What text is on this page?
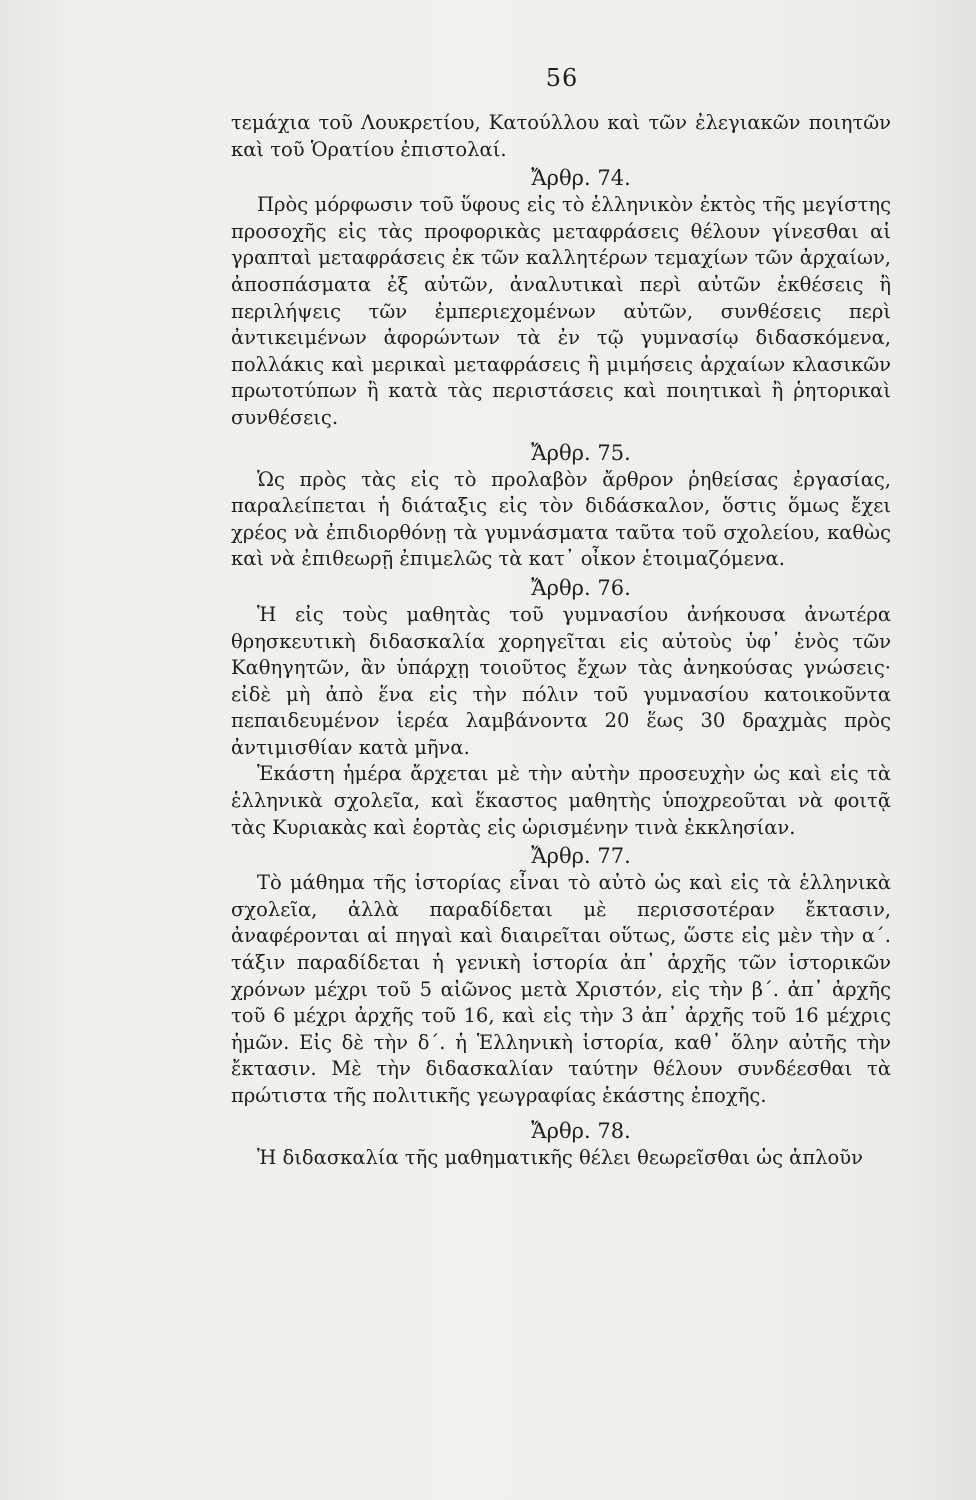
56

τεμάχια τοῦ Λουκρετίου, Κατούλλου καὶ τῶν ἐλεγιακῶν ποιητῶν καὶ τοῦ Ὁρατίου ἐπιστολαί.

Ἄρθρ. 74.

Πρὸς μόρφωσιν τοῦ ὕφους εἰς τὸ ἑλληνικὸν ἐκτὸς τῆς μεγίστης προσοχῆς εἰς τὰς προφορικὰς μεταφράσεις θέλουν γίνεσθαι αἱ γραπταὶ μεταφράσεις ἐκ τῶν καλλητέρων τεμαχίων τῶν ἀρχαίων, ἀποσπάσματα ἐξ αὐτῶν, ἀναλυτικαὶ περὶ αὐτῶν ἐκθέσεις ἢ περιλήψεις τῶν ἐμπεριεχομένων αὐτῶν, συνθέσεις περὶ ἀντικειμένων ἀφορώντων τὰ ἐν τῷ γυμνασίῳ διδασκόμενα, πολλάκις καὶ μερικαὶ μεταφράσεις ἢ μιμήσεις ἀρχαίων κλασικῶν πρωτοτύπων ἢ κατὰ τὰς περιστάσεις καὶ ποιητικαὶ ἢ ῥητορικαὶ συνθέσεις.

Ἄρθρ. 75.

Ὡς πρὸς τὰς εἰς τὸ προλαβὸν ἄρθρον ῥηθείσας ἐργασίας, παραλείπεται ἡ διάταξις εἰς τὸν διδάσκαλον, ὅστις ὅμως ἔχει χρέος νὰ ἐπιδιορθόνῃ τὰ γυμνάσματα ταῦτα τοῦ σχολείου, καθὼς καὶ νὰ ἐπιθεωρῇ ἐπιμελῶς τὰ κατ᾿ οἶκον ἑτοιμαζόμενα.

Ἄρθρ. 76.

Ἡ εἰς τοὺς μαθητὰς τοῦ γυμνασίου ἀνήκουσα ἀνωτέρα θρησκευτικὴ διδασκαλία χορηγεῖται εἰς αὐτοὺς ὑφ᾿ ἑνὸς τῶν Καθηγητῶν, ἂν ὑπάρχῃ τοιοῦτος ἔχων τὰς ἀνηκούσας γνώσεις· εἰδὲ μὴ ἀπὸ ἕνα εἰς τὴν πόλιν τοῦ γυμνασίου κατοικοῦντα πεπαιδευμένον ἱερέα λαμβάνοντα 20 ἕως 30 δραχμὰς πρὸς ἀντιμισθίαν κατὰ μῆνα.

Ἑκάστη ἡμέρα ἄρχεται μὲ τὴν αὐτὴν προσευχὴν ὡς καὶ εἰς τὰ ἑλληνικὰ σχολεῖα, καὶ ἕκαστος μαθητὴς ὑποχρεοῦται νὰ φοιτᾷ τὰς Κυριακὰς καὶ ἑορτὰς εἰς ὡρισμένην τινὰ ἐκκλησίαν.

Ἄρθρ. 77.

Τὸ μάθημα τῆς ἱστορίας εἶναι τὸ αὐτὸ ὡς καὶ εἰς τὰ ἑλληνικὰ σχολεῖα, ἀλλὰ παραδίδεται μὲ περισσοτέραν ἔκτασιν, ἀναφέρονται αἱ πηγαὶ καὶ διαιρεῖται οὕτως, ὥστε εἰς μὲν τὴν α΄. τάξιν παραδίδεται ἡ γενικὴ ἱστορία ἀπ᾿ ἀρχῆς τῶν ἱστορικῶν χρόνων μέχρι τοῦ 5 αἰῶνος μετὰ Χριστόν, εἰς τὴν β΄. ἀπ᾿ ἀρχῆς τοῦ 6 μέχρι ἀρχῆς τοῦ 16, καὶ εἰς τὴν 3 ἀπ᾿ ἀρχῆς τοῦ 16 μέχρις ἡμῶν. Εἰς δὲ τὴν δ΄. ἡ Ἑλληνικὴ ἱστορία, καθ᾿ ὅλην αὐτῆς τὴν ἔκτασιν. Μὲ τὴν διδασκαλίαν ταύτην θέλουν συνδέεσθαι τὰ πρώτιστα τῆς πολιτικῆς γεωγραφίας ἑκάστης ἐποχῆς.

Ἄρθρ. 78.

Ἡ διδασκαλία τῆς μαθηματικῆς θέλει θεωρεῖσθαι ὡς ἁπλοῦν
